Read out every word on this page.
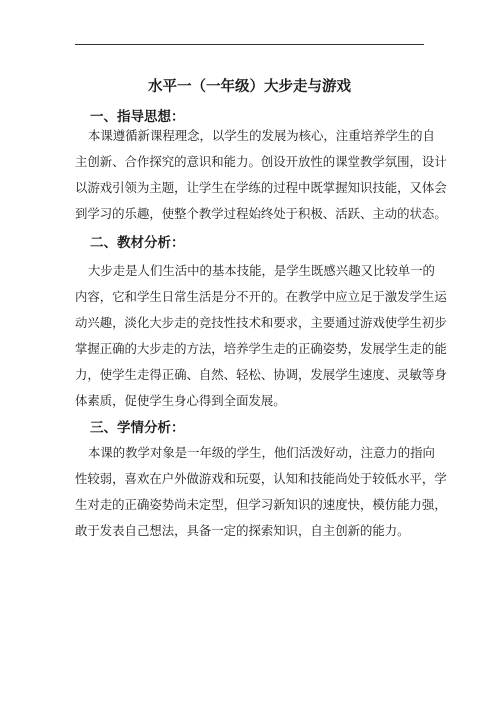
水平一（一年级）大步走与游戏
一、指导思想：
本课遵循新课程理念，以学生的发展为核心，注重培养学生的自
主创新、合作探究的意识和能力。创设开放性的课堂教学氛围，设计
以游戏引领为主题，让学生在学练的过程中既掌握知识技能，又体会
到学习的乐趣，使整个教学过程始终处于积极、活跃、主动的状态。
二、教材分析：
大步走是人们生活中的基本技能，是学生既感兴趣又比较单一的
内容，它和学生日常生活是分不开的。在教学中应立足于激发学生运
动兴趣，淡化大步走的竞技性技术和要求，主要通过游戏使学生初步
掌握正确的大步走的方法，培养学生走的正确姿势，发展学生走的能
力，使学生走得正确、自然、轻松、协调，发展学生速度、灵敏等身
体素质，促使学生身心得到全面发展。
三、学情分析：
本课的教学对象是一年级的学生，他们活泼好动，注意力的指向
性较弱，喜欢在户外做游戏和玩耍，认知和技能尚处于较低水平，学
生对走的正确姿势尚未定型，但学习新知识的速度快，模仿能力强，
敢于发表自己想法，具备一定的探索知识，自主创新的能力。
